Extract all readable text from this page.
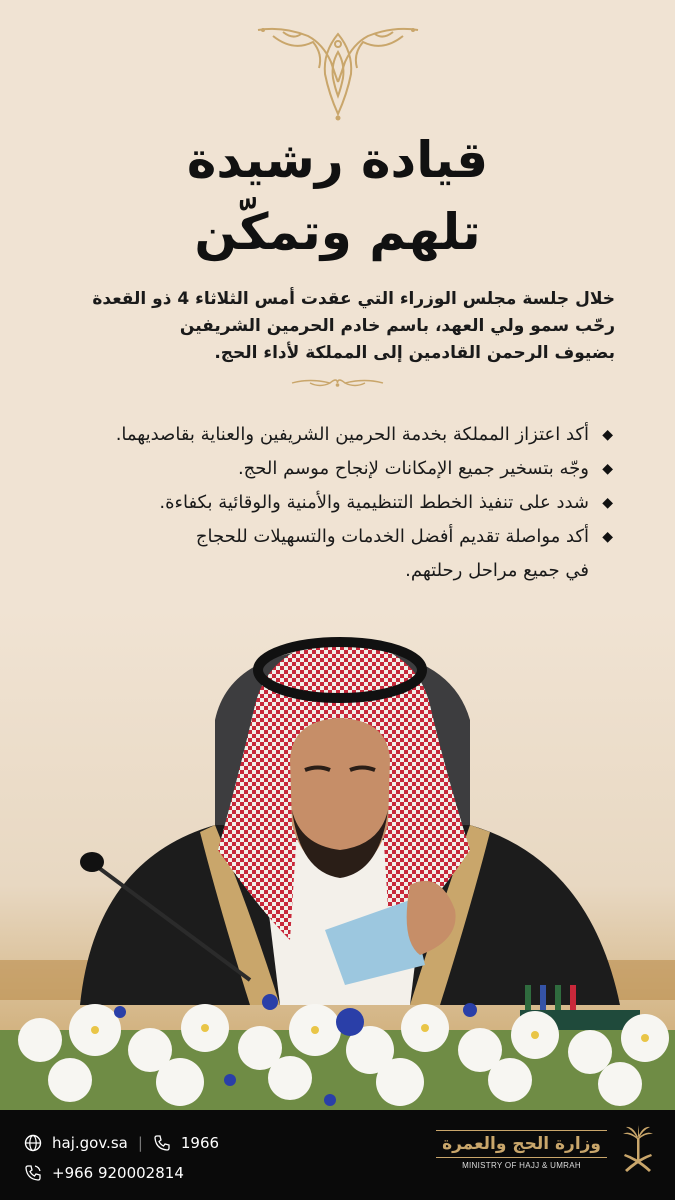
قيادة رشيدة
تلهم وتمكّن
خلال جلسة مجلس الوزراء التي عقدت أمس الثلاثاء 4 ذو القعدة
رحّب سمو ولي العهد، باسم خادم الحرمين الشريفين
بضيوف الرحمن القادمين إلى المملكة لأداء الحج.
◆
أكد اعتزاز المملكة بخدمة الحرمين الشريفين والعناية بقاصديهما.
◆
وجّه بتسخير جميع الإمكانات لإنجاح موسم الحج.
◆
شدد على تنفيذ الخطط التنظيمية والأمنية والوقائية بكفاءة.
◆
أكد مواصلة تقديم أفضل الخدمات والتسهيلات للحجاج
في جميع مراحل رحلتهم.
haj.gov.sa |	1966
+966 920002814
وزارة الحج والعمرة
MINISTRY OF HAJJ & UMRAH
